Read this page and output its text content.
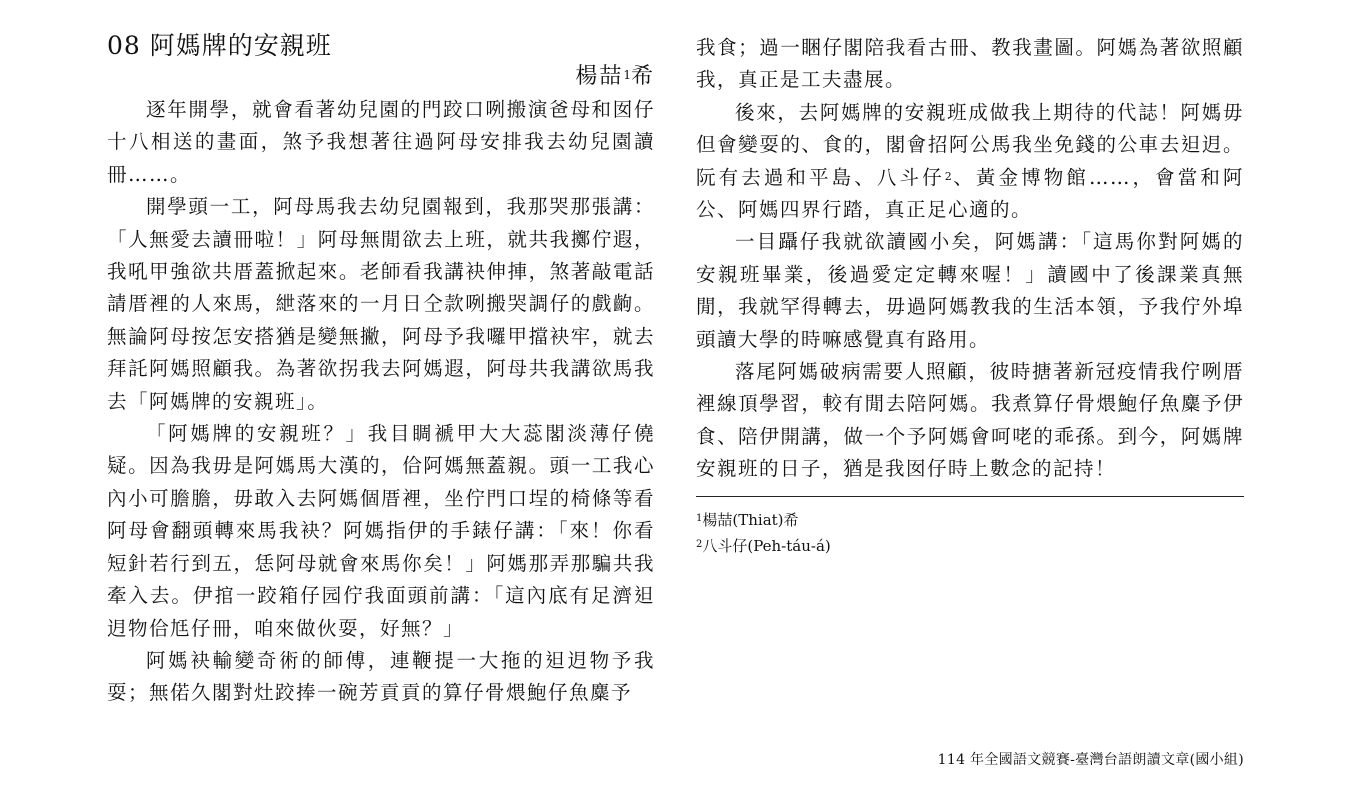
08 阿媽牌的安親班
楊喆$^1$希

逐年開學，就會看著幼兒園的門跤口咧搬演爸母和囡仔十八相送的畫面，煞予我想著往過阿母安排我去幼兒園讀冊……。

開學頭一工，阿母馬我去幼兒園報到，我那哭那張講：「人無愛去讀冊啦！」阿母無閒欲去上班，就共我擲佇遐，我吼甲強欲共厝蓋掀起來。老師看我講袂伸捙，煞著敲電話請厝裡的人來馬，紲落來的一月日仝款咧搬哭調仔的戲齣。無論阿母按怎安搭猶是變無撇，阿母予我囉甲擋袂牢，就去拜託阿媽照顧我。為著欲拐我去阿媽遐，阿母共我講欲馬我去「阿媽牌的安親班」。

「阿媽牌的安親班？」我目睭褫甲大大蕊閣淡薄仔僥疑。因為我毋是阿媽馬大漢的，佮阿媽無蓋親。頭一工我心內小可膽膽，毋敢入去阿媽個厝裡，坐佇門口埕的椅條等看阿母會翻頭轉來馬我袂？阿媽指伊的手錶仔講：「來！你看短針若行到五，恁阿母就會來馬你矣！」阿媽那弄那騙共我牽入去。伊捾一跤箱仔园佇我面頭前講：「這內底有足濟𨑨迌物佮尪仔冊，咱來做伙耍，好無？」

阿媽袂輸變奇術的師傅，連鞭提一大拖的𨑨迌物予我耍；無偌久閣對灶跤捧一碗芳貢貢的算仔骨煨鮑仔魚麋予

我食；過一睏仔閣陪我看古冊、教我畫圖。阿媽為著欲照顧我，真正是工夫盡展。

後來，去阿媽牌的安親班成做我上期待的代誌！阿媽毋但會變耍的、食的，閣會招阿公馬我坐免錢的公車去𨑨迌。阮有去過和平島、八斗仔$^2$、黃金博物館……，會當和阿公、阿媽四界行踏，真正足心適的。

一目躡仔我就欲讀國小矣，阿媽講：「這馬你對阿媽的安親班畢業，後過愛定定轉來喔！」讀國中了後課業真無閒，我就罕得轉去，毋過阿媽教我的生活本領，予我佇外埠頭讀大學的時嘛感覺真有路用。

落尾阿媽破病需要人照顧，彼時搪著新冠疫情我佇咧厝裡線頂學習，較有閒去陪阿媽。我煮算仔骨煨鮑仔魚麋予伊食、陪伊開講，做一个予阿媽會呵咾的乖孫。到今，阿媽牌安親班的日子，猶是我囡仔時上數念的記持！

$^1$楊喆(Thiat)希

$^2$八斗仔(Peh-táu-á)

114 年全國語文競賽-臺灣台語朗讀文章(國小組)
